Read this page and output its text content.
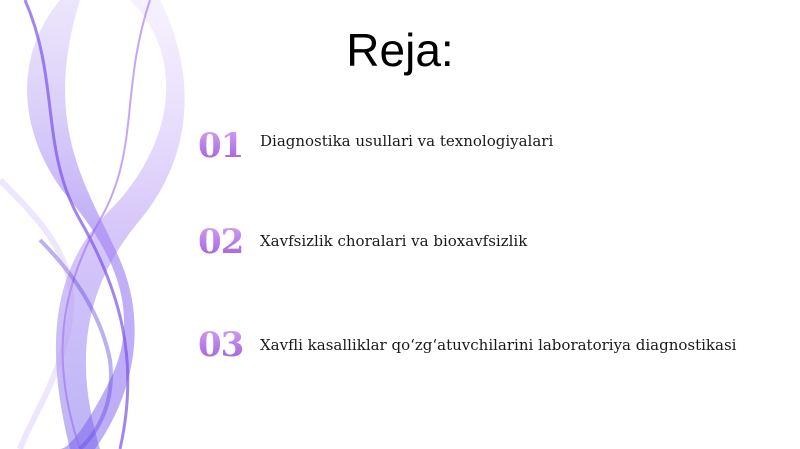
Reja:
01	Diagnostika usullari va texnologiyalari
02	Xavfsizlik choralari va bioxavfsizlik
03	Xavfli kasalliklar qo‘zg‘atuvchilarini laboratoriya diagnostikasi
